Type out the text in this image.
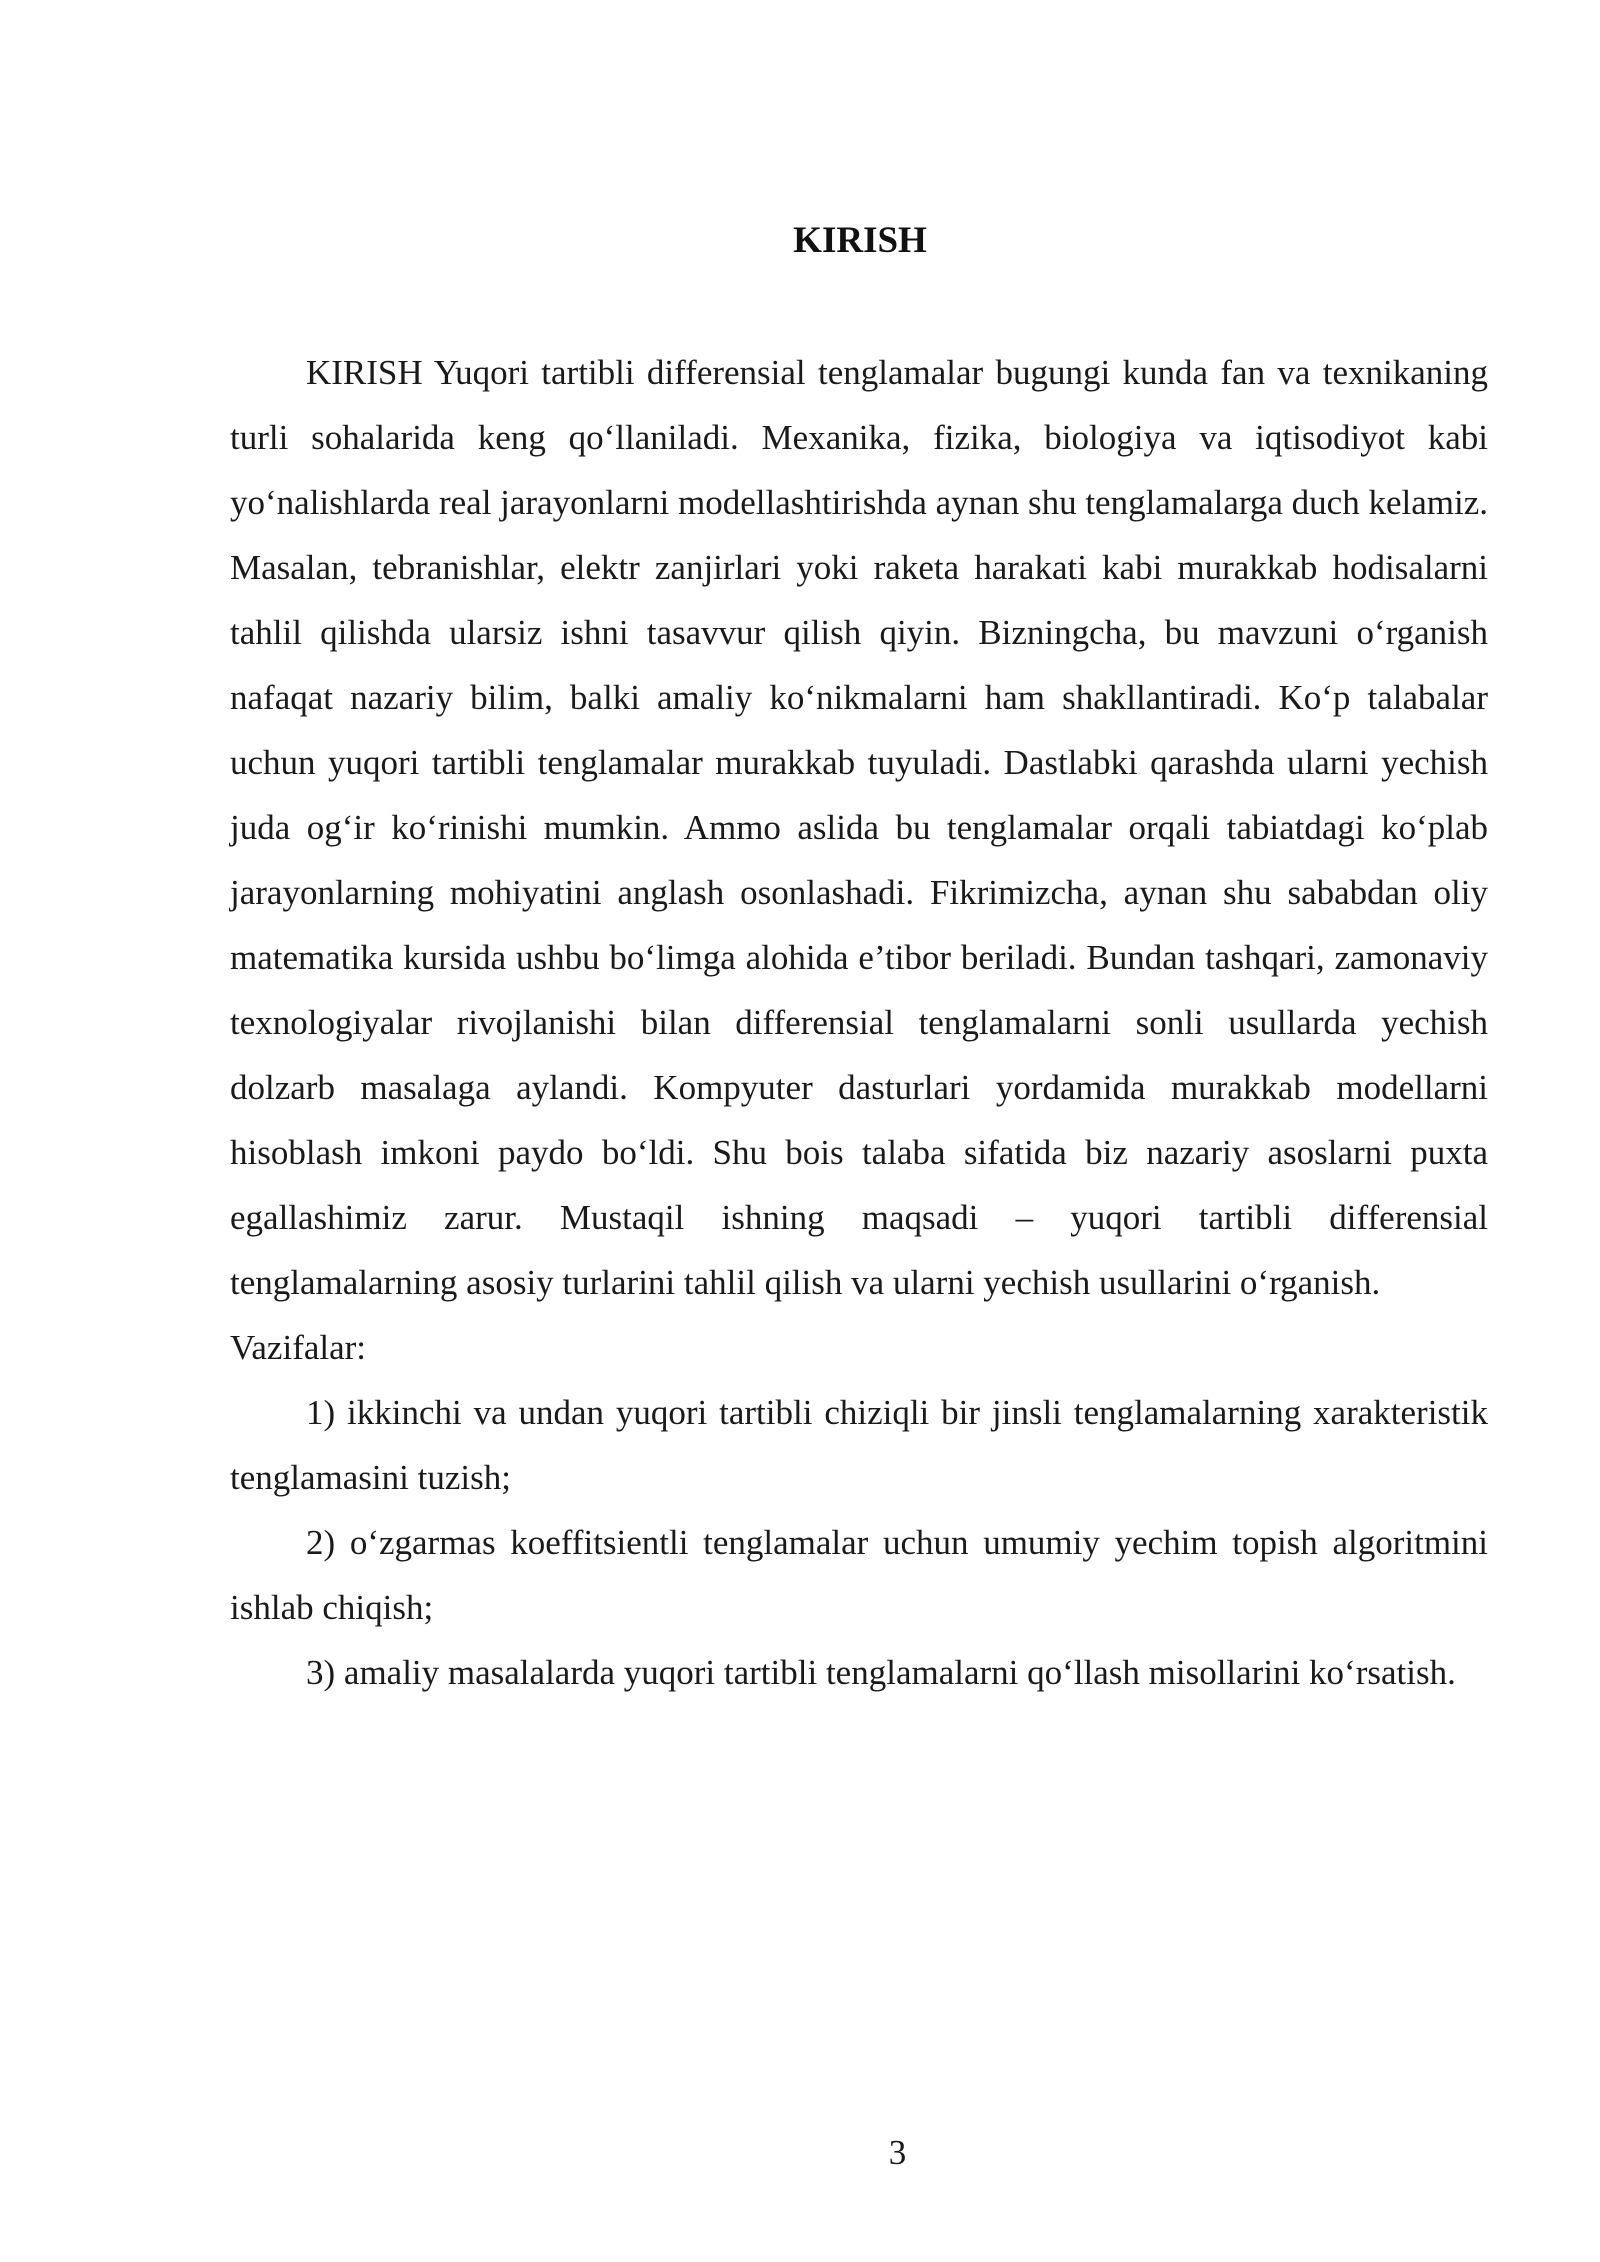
KIRISH

KIRISH Yuqori tartibli differensial tenglamalar bugungi kunda fan va texnikaning turli sohalarida keng qo‘llaniladi. Mexanika, fizika, biologiya va iqtisodiyot kabi yo‘nalishlarda real jarayonlarni modellashtirishda aynan shu tenglamalarga duch kelamiz. Masalan, tebranishlar, elektr zanjirlari yoki raketa harakati kabi murakkab hodisalarni tahlil qilishda ularsiz ishni tasavvur qilish qiyin. Bizningcha, bu mavzuni o‘rganish nafaqat nazariy bilim, balki amaliy ko‘nikmalarni ham shakllantiradi. Ko‘p talabalar uchun yuqori tartibli tenglamalar murakkab tuyuladi. Dastlabki qarashda ularni yechish juda og‘ir ko‘rinishi mumkin. Ammo aslida bu tenglamalar orqali tabiatdagi ko‘plab jarayonlarning mohiyatini anglash osonlashadi. Fikrimizcha, aynan shu sababdan oliy matematika kursida ushbu bo‘limga alohida e’tibor beriladi. Bundan tashqari, zamonaviy texnologiyalar rivojlanishi bilan differensial tenglamalarni sonli usullarda yechish dolzarb masalaga aylandi. Kompyuter dasturlari yordamida murakkab modellarni hisoblash imkoni paydo bo‘ldi. Shu bois talaba sifatida biz nazariy asoslarni puxta egallashimiz zarur. Mustaqil ishning maqsadi – yuqori tartibli differensial tenglamalarning asosiy turlarini tahlil qilish va ularni yechish usullarini o‘rganish.

Vazifalar:

1) ikkinchi va undan yuqori tartibli chiziqli bir jinsli tenglamalarning xarakteristik tenglamasini tuzish;

2) o‘zgarmas koeffitsientli tenglamalar uchun umumiy yechim topish algoritmini ishlab chiqish;

3) amaliy masalalarda yuqori tartibli tenglamalarni qo‘llash misollarini ko‘rsatish.

3
